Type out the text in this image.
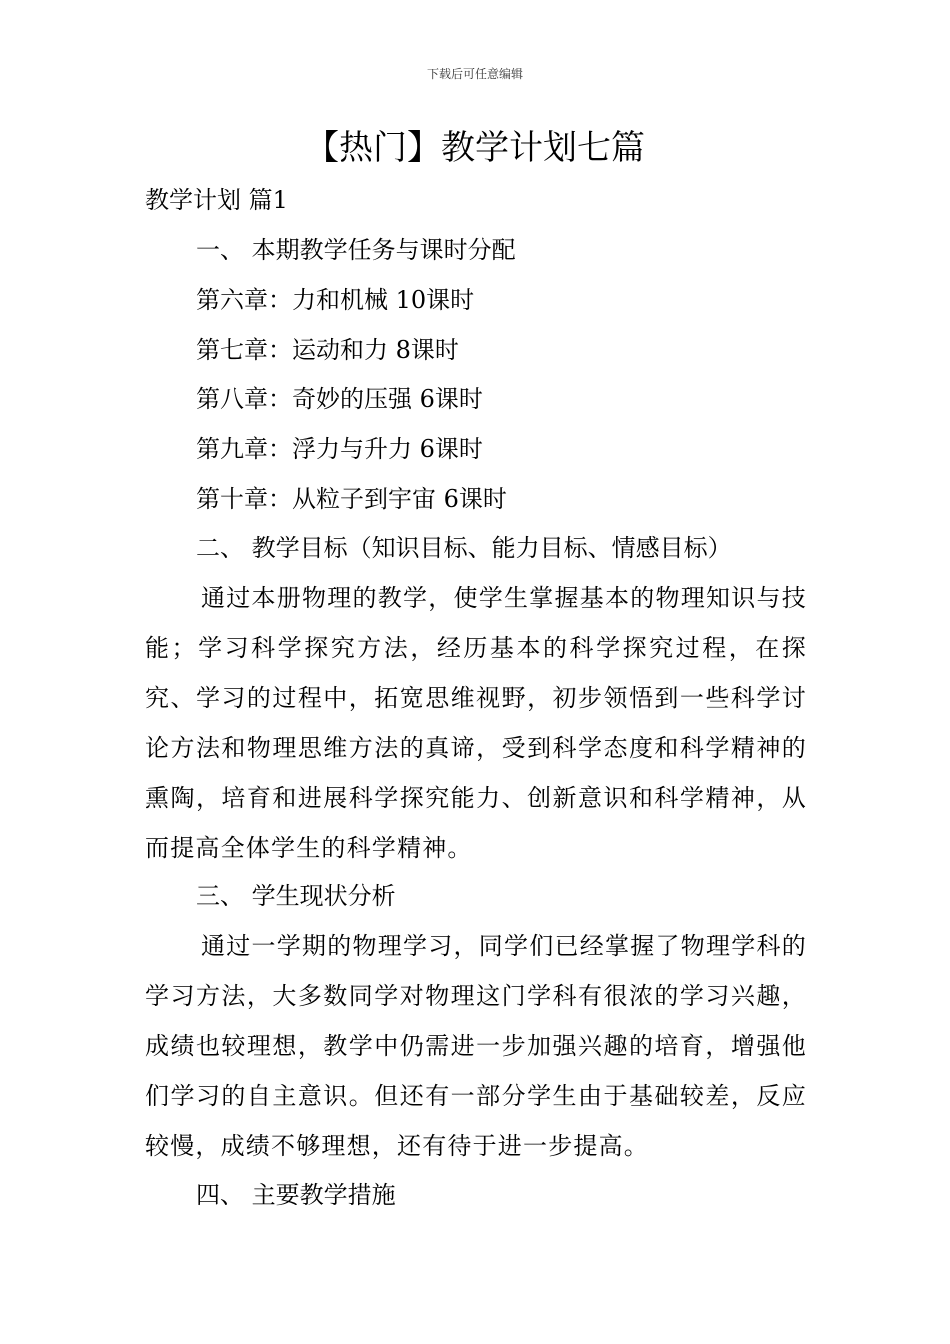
下载后可任意编辑
【热门】教学计划七篇

教学计划 篇1

一、 本期教学任务与课时分配

第六章：力和机械 10课时

第七章：运动和力 8课时

第八章：奇妙的压强 6课时

第九章：浮力与升力 6课时

第十章：从粒子到宇宙 6课时

二、 教学目标（知识目标、能力目标、情感目标）

通过本册物理的教学，使学生掌握基本的物理知识与技能；学习科学探究方法，经历基本的科学探究过程，在探究、学习的过程中，拓宽思维视野，初步领悟到一些科学讨论方法和物理思维方法的真谛，受到科学态度和科学精神的熏陶，培育和进展科学探究能力、创新意识和科学精神，从而提高全体学生的科学精神。

三、 学生现状分析

通过一学期的物理学习，同学们已经掌握了物理学科的学习方法，大多数同学对物理这门学科有很浓的学习兴趣，成绩也较理想，教学中仍需进一步加强兴趣的培育，增强他们学习的自主意识。但还有一部分学生由于基础较差，反应较慢，成绩不够理想，还有待于进一步提高。

四、 主要教学措施
